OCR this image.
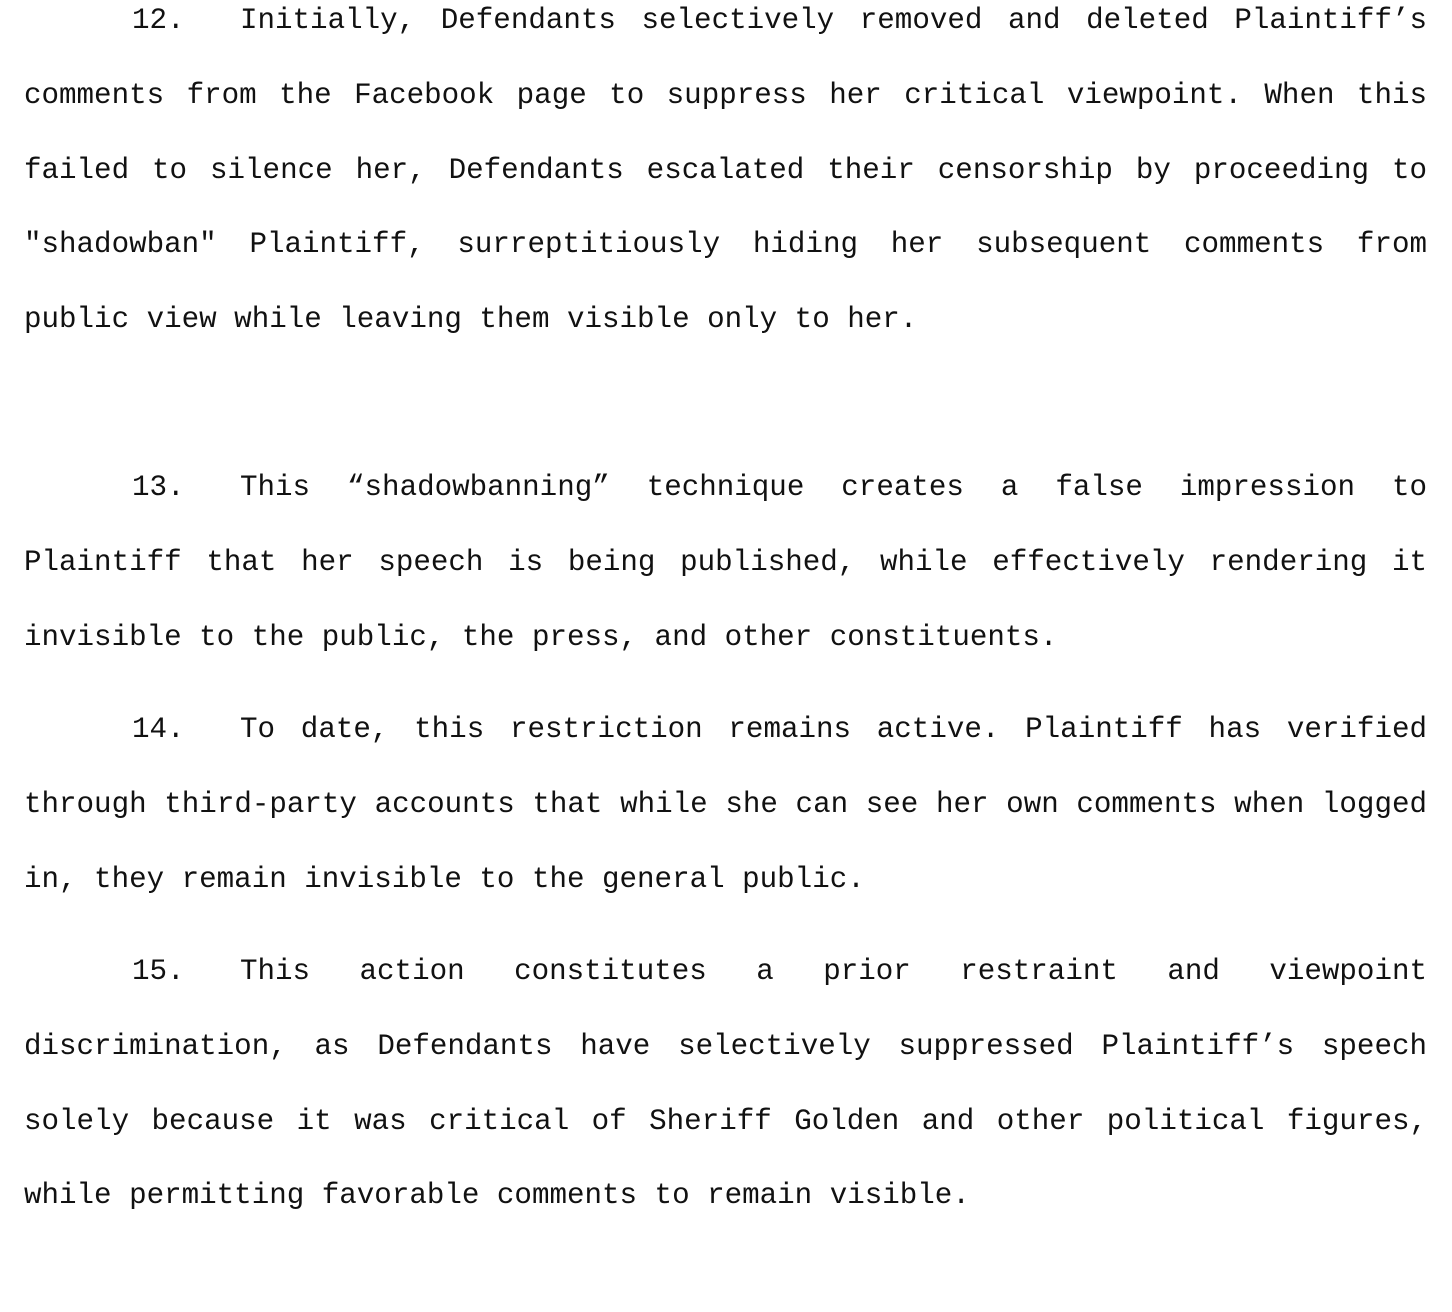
12. Initially, Defendants selectively removed and deleted Plaintiff’s comments from the Facebook page to suppress her critical viewpoint. When this failed to silence her, Defendants escalated their censorship by proceeding to "shadowban" Plaintiff, surreptitiously hiding her subsequent comments from public view while leaving them visible only to her.

13. This “shadowbanning” technique creates a false impression to Plaintiff that her speech is being published, while effectively rendering it invisible to the public, the press, and other constituents.

14. To date, this restriction remains active. Plaintiff has verified through third-party accounts that while she can see her own comments when logged in, they remain invisible to the general public.

15. This action constitutes a prior restraint and viewpoint discrimination, as Defendants have selectively suppressed Plaintiff’s speech solely because it was critical of Sheriff Golden and other political figures, while permitting favorable comments to remain visible.
